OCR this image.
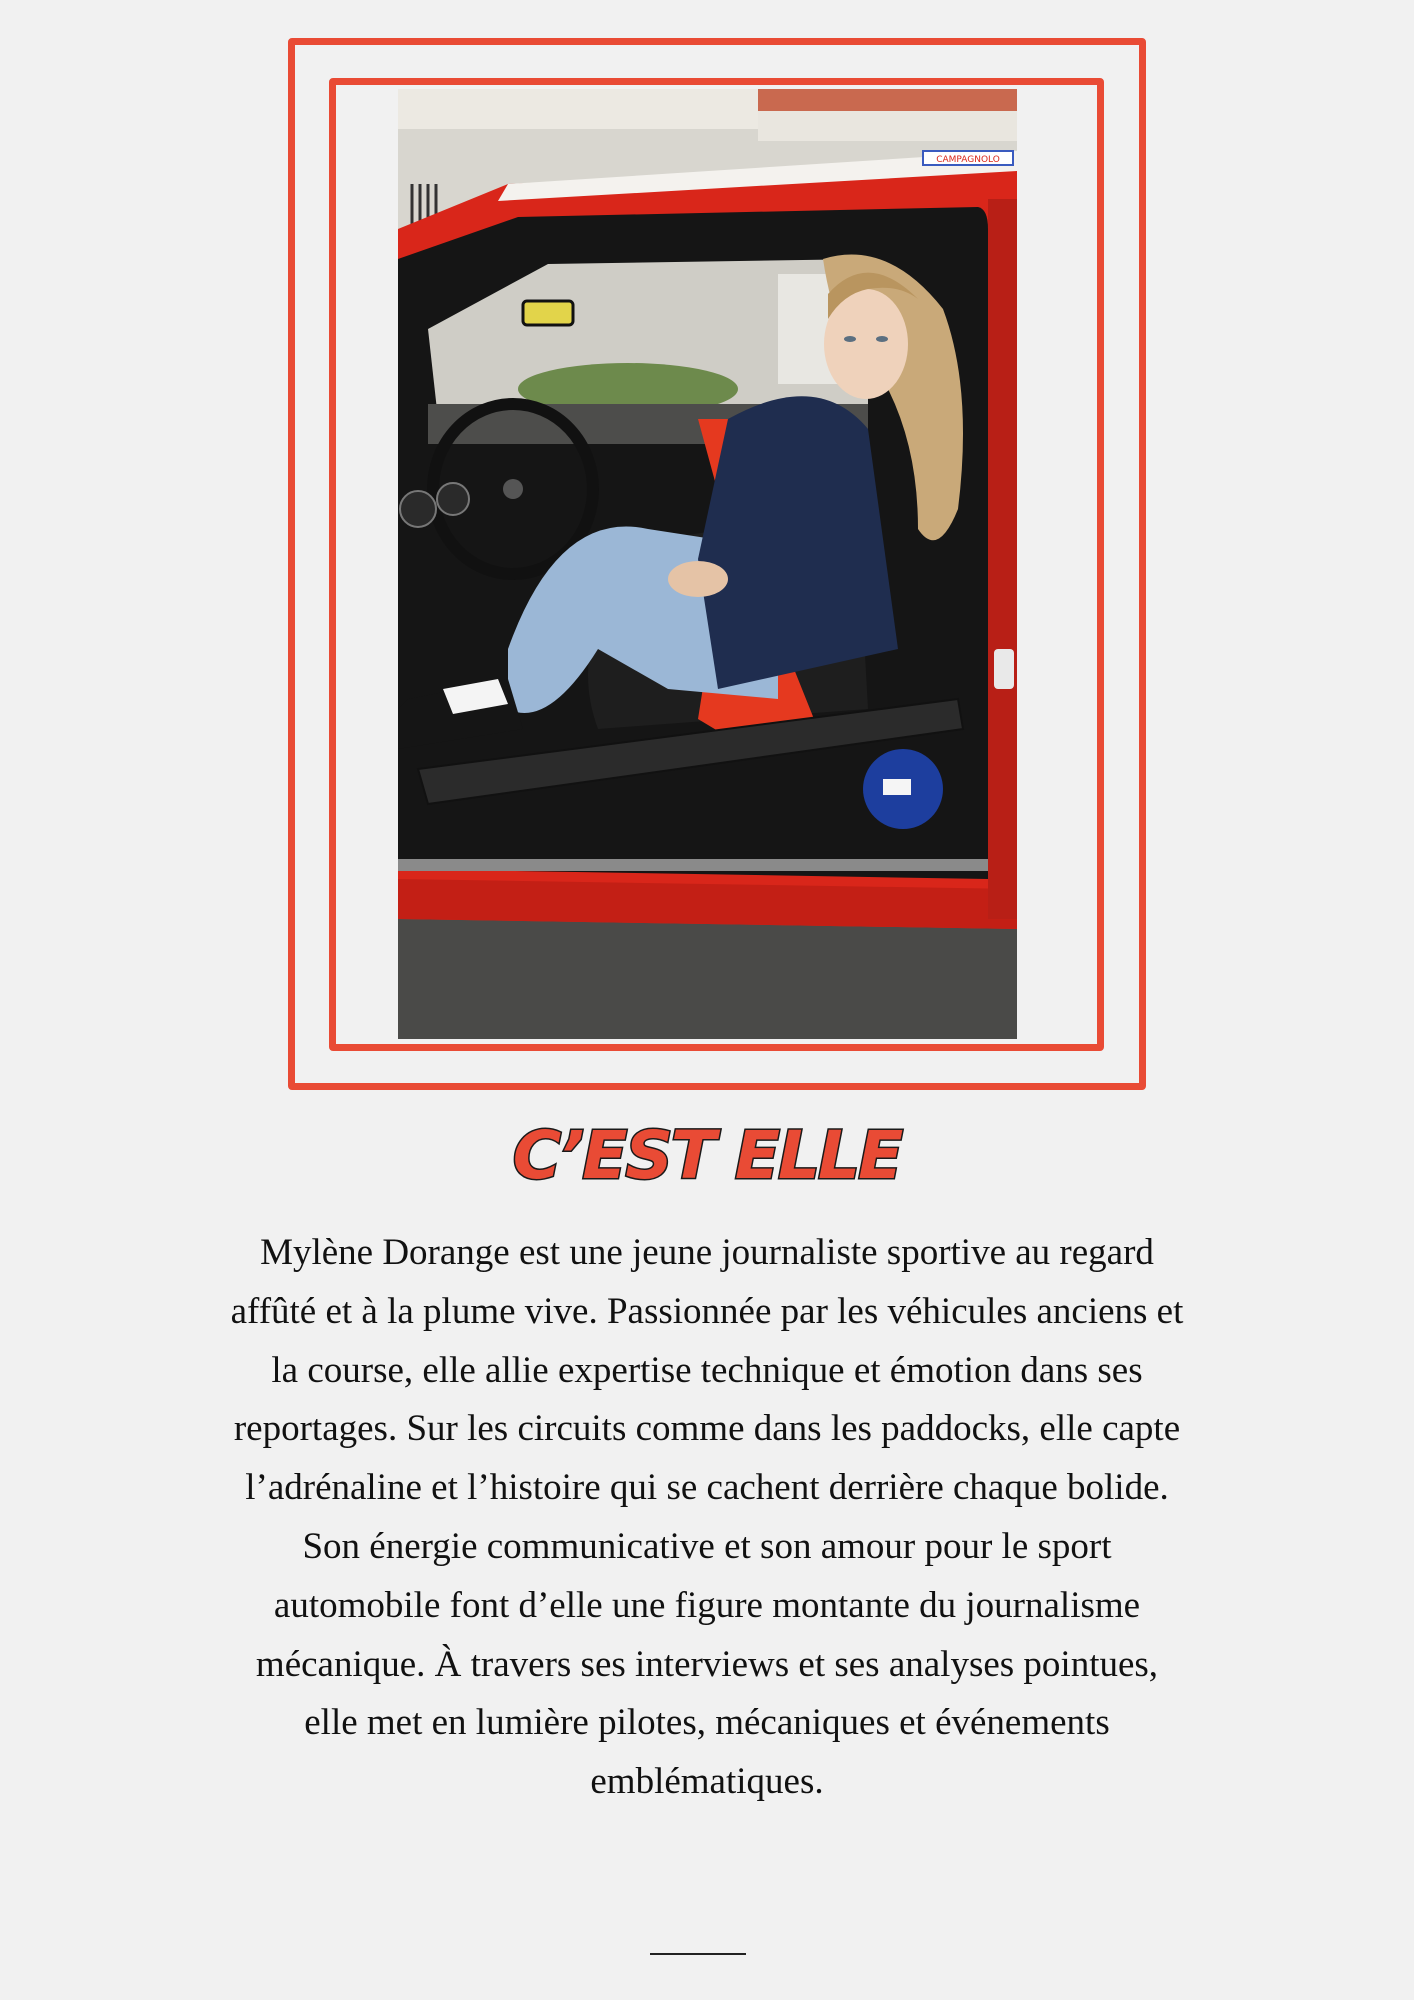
CAMPAGNOLO
C’EST ELLE

Mylène Dorange est une jeune journaliste sportive au regard affûté et à la plume vive. Passionnée par les véhicules anciens et la course, elle allie expertise technique et émotion dans ses reportages. Sur les circuits comme dans les paddocks, elle capte l’adrénaline et l’histoire qui se cachent derrière chaque bolide. Son énergie communicative et son amour pour le sport automobile font d’elle une figure montante du journalisme mécanique. À travers ses interviews et ses analyses pointues, elle met en lumière pilotes, mécaniques et événements emblématiques.
